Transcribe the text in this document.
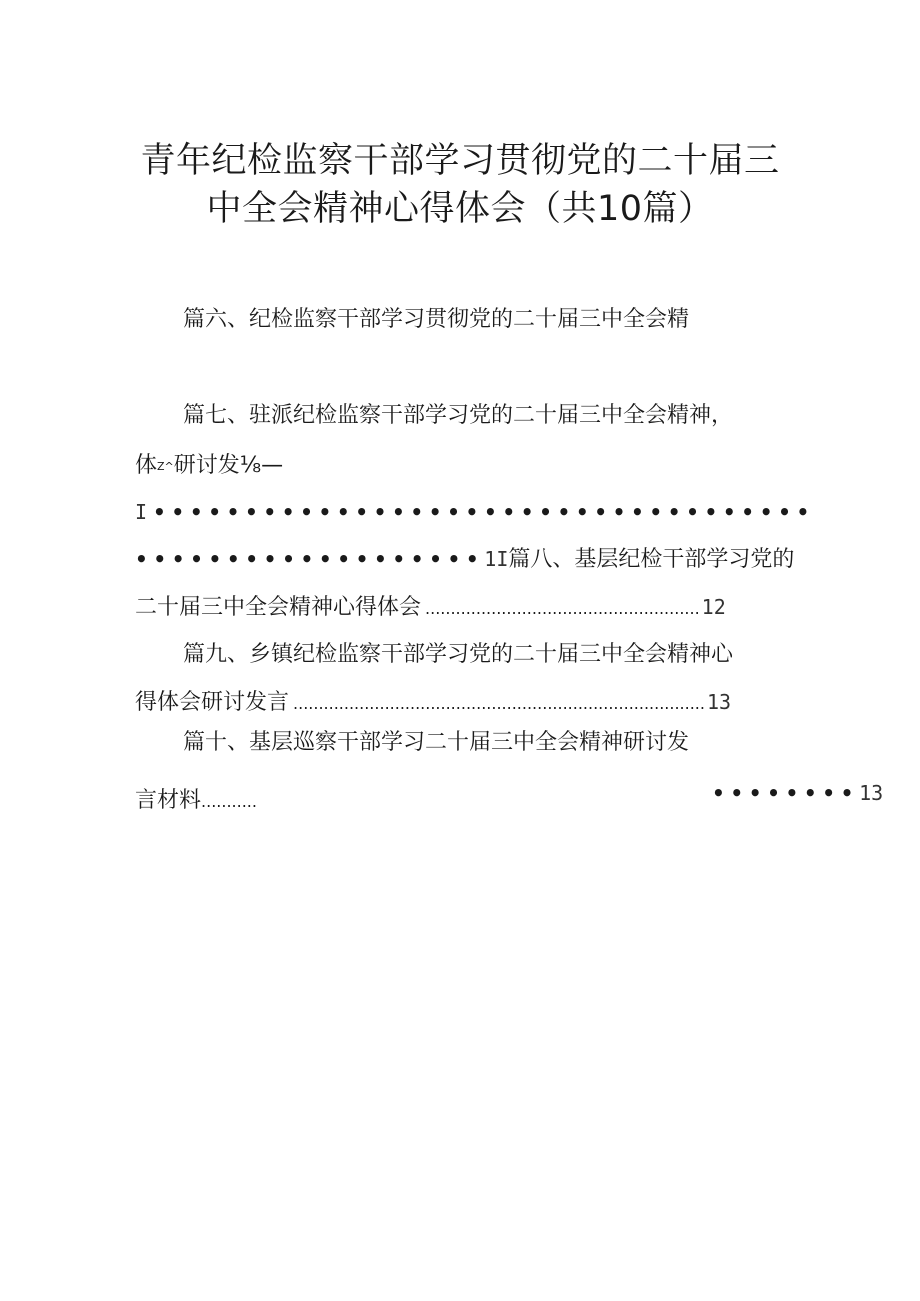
青年纪检监察干部学习贯彻党的二十届三
中全会精神心得体会（共10篇）
篇六、纪检监察干部学习贯彻党的二十届三中全会精
篇七、驻派纪检监察干部学习党的二十届三中全会精神，
体Z^研讨发⅛—
I ••••••••••••••••••••••••••••••••••••
•••••••••••••••••••1I篇八、基层纪检干部学习党的
二十届三中全会精神心得体会 ...................................................... 12
篇九、乡镇纪检监察干部学习党的二十届三中全会精神心
得体会研讨发言 ................................................................................. 13
篇十、基层巡察干部学习二十届三中全会精神研讨发
言材料...........	••••••••13
